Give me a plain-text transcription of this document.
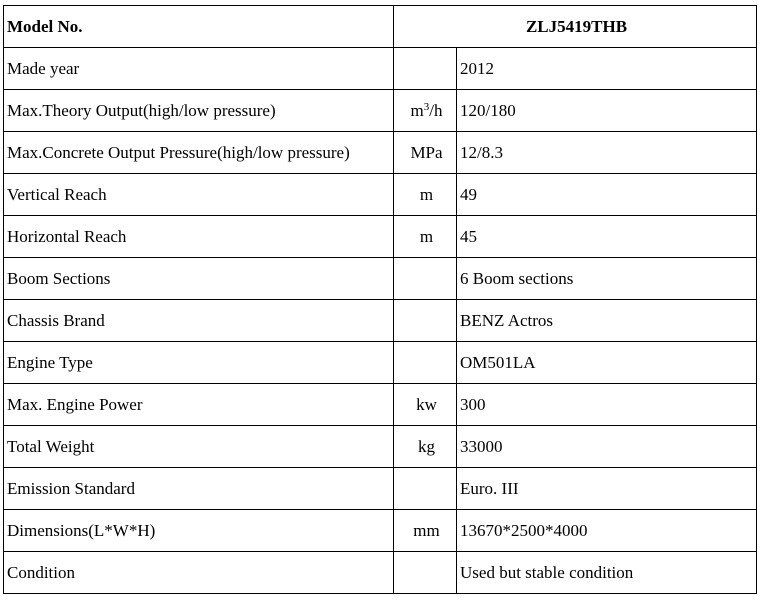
Model No.	ZLJ5419THB	
Made year		2012
Max.Theory Output(high/low pressure)	$m^3/h$	120/180
Max.Concrete Output Pressure(high/low pressure)	MPa	12/8.3
Vertical Reach	m	49
Horizontal Reach	m	45
Boom Sections		6 Boom sections
Chassis Brand		BENZ Actros
Engine Type		OM501LA
Max. Engine Power	kw	300
Total Weight	kg	33000
Emission Standard		Euro. III
Dimensions(L*W*H)	mm	13670*2500*4000
Condition		Used but stable condition
